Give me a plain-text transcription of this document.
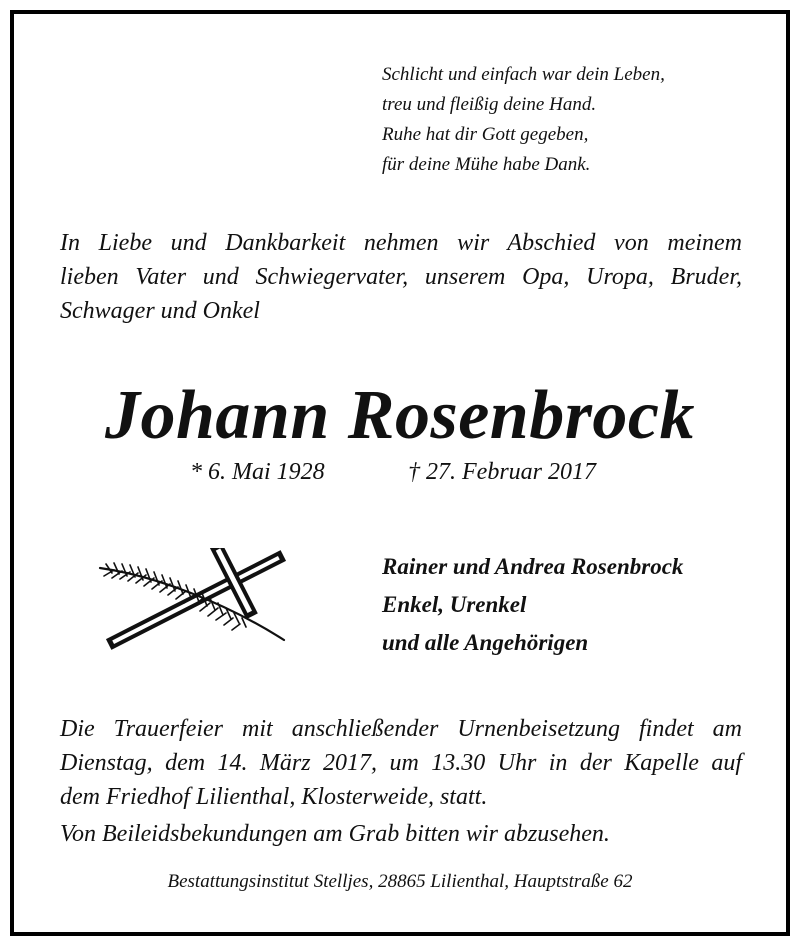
Schlicht und einfach war dein Leben,
treu und fleißig deine Hand.
Ruhe hat dir Gott gegeben,
für deine Mühe habe Dank.
In Liebe und Dankbarkeit nehmen wir Abschied von meinem
lieben Vater und Schwiegervater, unserem Opa, Uropa, Bruder,
Schwager und Onkel
Johann Rosenbrock
* 6. Mai 1928	† 27. Februar 2017
Rainer und Andrea Rosenbrock
Enkel, Urenkel
und alle Angehörigen
Die Trauerfeier mit anschließender Urnenbeisetzung findet am
Dienstag, dem 14. März 2017, um 13.30 Uhr in der Kapelle auf
dem Friedhof Lilienthal, Klosterweide, statt.
Von Beileidsbekundungen am Grab bitten wir abzusehen.
Bestattungsinstitut Stelljes, 28865 Lilienthal, Hauptstraße 62
